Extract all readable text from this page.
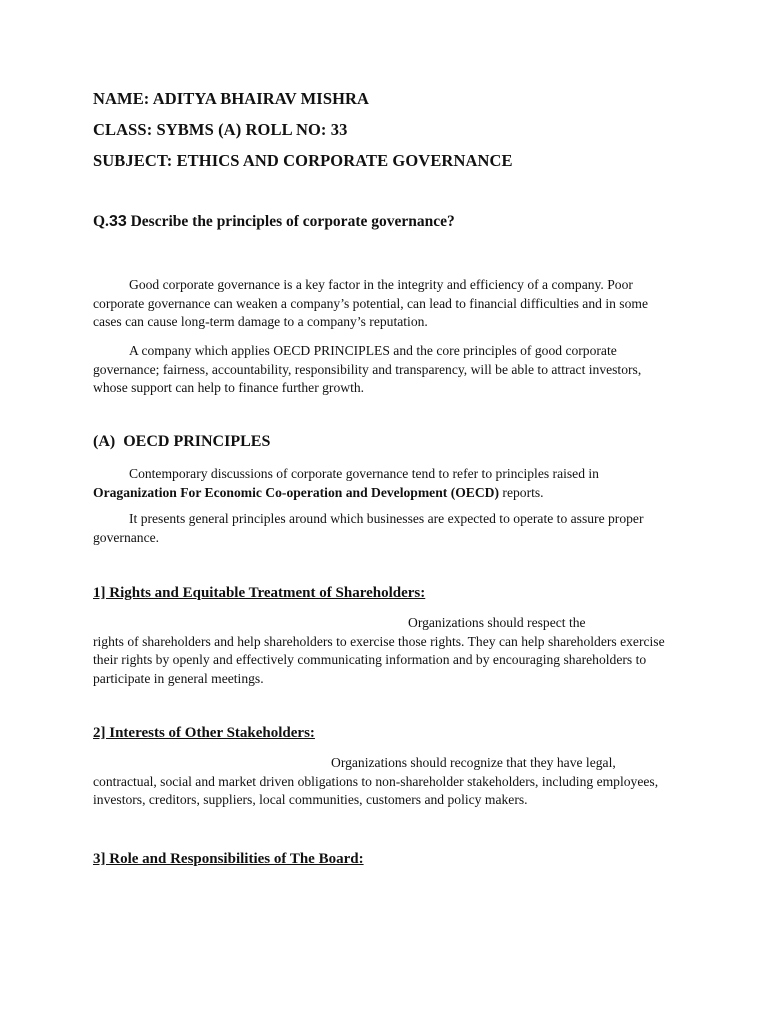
NAME: ADITYA BHAIRAV MISHRA
CLASS: SYBMS (A) ROLL NO: 33
SUBJECT: ETHICS AND CORPORATE GOVERNANCE
Q.33 Describe the principles of corporate governance?

Good corporate governance is a key factor in the integrity and efficiency of a company. Poor corporate governance can weaken a company’s potential, can lead to financial difficulties and in some cases can cause long-term damage to a company’s reputation.

A company which applies OECD PRINCIPLES and the core principles of good corporate governance; fairness, accountability, responsibility and transparency, will be able to attract investors, whose support can help to finance further growth.

(A)  OECD PRINCIPLES

Contemporary discussions of corporate governance tend to refer to principles raised in Oraganization For Economic Co-operation and Development (OECD) reports.

It presents general principles around which businesses are expected to operate to assure proper governance.

1] Rights and Equitable Treatment of Shareholders:

Organizations should respect the
rights of shareholders and help shareholders to exercise those rights. They can help shareholders exercise their rights by openly and effectively communicating information and by encouraging shareholders to participate in general meetings.

2] Interests of Other Stakeholders:

Organizations should recognize that they have legal,
contractual, social and market driven obligations to non-shareholder stakeholders, including employees, investors, creditors, suppliers, local communities, customers and policy makers.

3] Role and Responsibilities of The Board:
